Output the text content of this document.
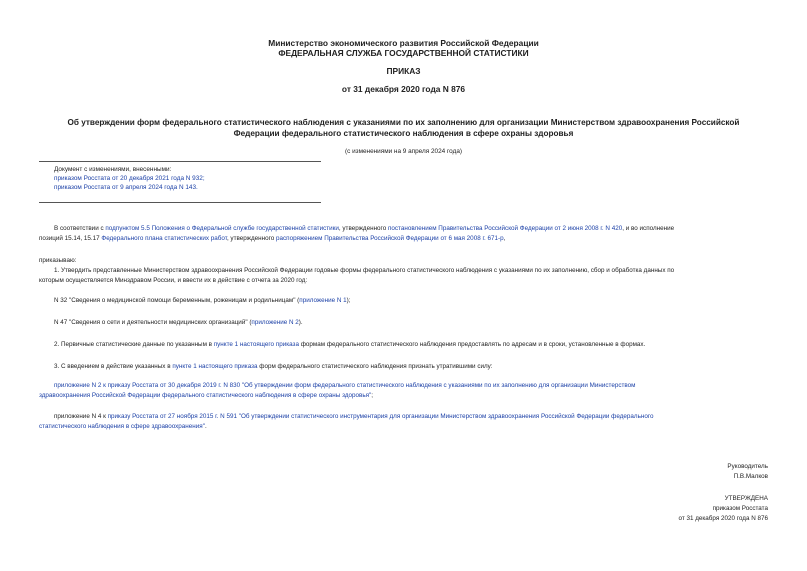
Министерство экономического развития Российской Федерации
ФЕДЕРАЛЬНАЯ СЛУЖБА ГОСУДАРСТВЕННОЙ СТАТИСТИКИ
ПРИКАЗ
от 31 декабря 2020 года N 876
Об утверждении форм федерального статистического наблюдения с указаниями по их заполнению для организации Министерством здравоохранения Российской
Федерации федерального статистического наблюдения в сфере охраны здоровья
(с изменениями на 9 апреля 2024 года)
Документ с изменениями, внесенными:
приказом Росстата от 20 декабря 2021 года N 932;
приказом Росстата от 9 апреля 2024 года N 143.
В соответствии с подпунктом 5.5 Положения о Федеральной службе государственной статистики, утвержденного постановлением Правительства Российской Федерации от 2 июня 2008 г. N 420, и во исполнение
позиций 15.14, 15.17 Федерального плана статистических работ, утвержденного распоряжением Правительства Российской Федерации от 6 мая 2008 г. 671-р,
приказываю:
1. Утвердить представленные Министерством здравоохранения Российской Федерации годовые формы федерального статистического наблюдения с указаниями по их заполнению, сбор и обработка данных по
которым осуществляется Минздравом России, и ввести их в действие с отчета за 2020 год:
N 32 "Сведения о медицинской помощи беременным, роженицам и родильницам" (приложение N 1);
N 47 "Сведения о сети и деятельности медицинских организаций" (приложение N 2).
2. Первичные статистические данные по указанным в пункте 1 настоящего приказа формам федерального статистического наблюдения предоставлять по адресам и в сроки, установленные в формах.
3. С введением в действие указанных в пункте 1 настоящего приказа форм федерального статистического наблюдения признать утратившими силу:
приложение N 2 к приказу Росстата от 30 декабря 2019 г. N 830 "Об утверждении форм федерального статистического наблюдения с указаниями по их заполнению для организации Министерством
здравоохранения Российской Федерации федерального статистического наблюдения в сфере охраны здоровья";
приложение N 4 к приказу Росстата от 27 ноября 2015 г. N 591 "Об утверждении статистического инструментария для организации Министерством здравоохранения Российской Федерации федерального
статистического наблюдения в сфере здравоохранения".
Руководитель
П.В.Малков
УТВЕРЖДЕНА
приказом Росстата
от 31 декабря 2020 года N 876
